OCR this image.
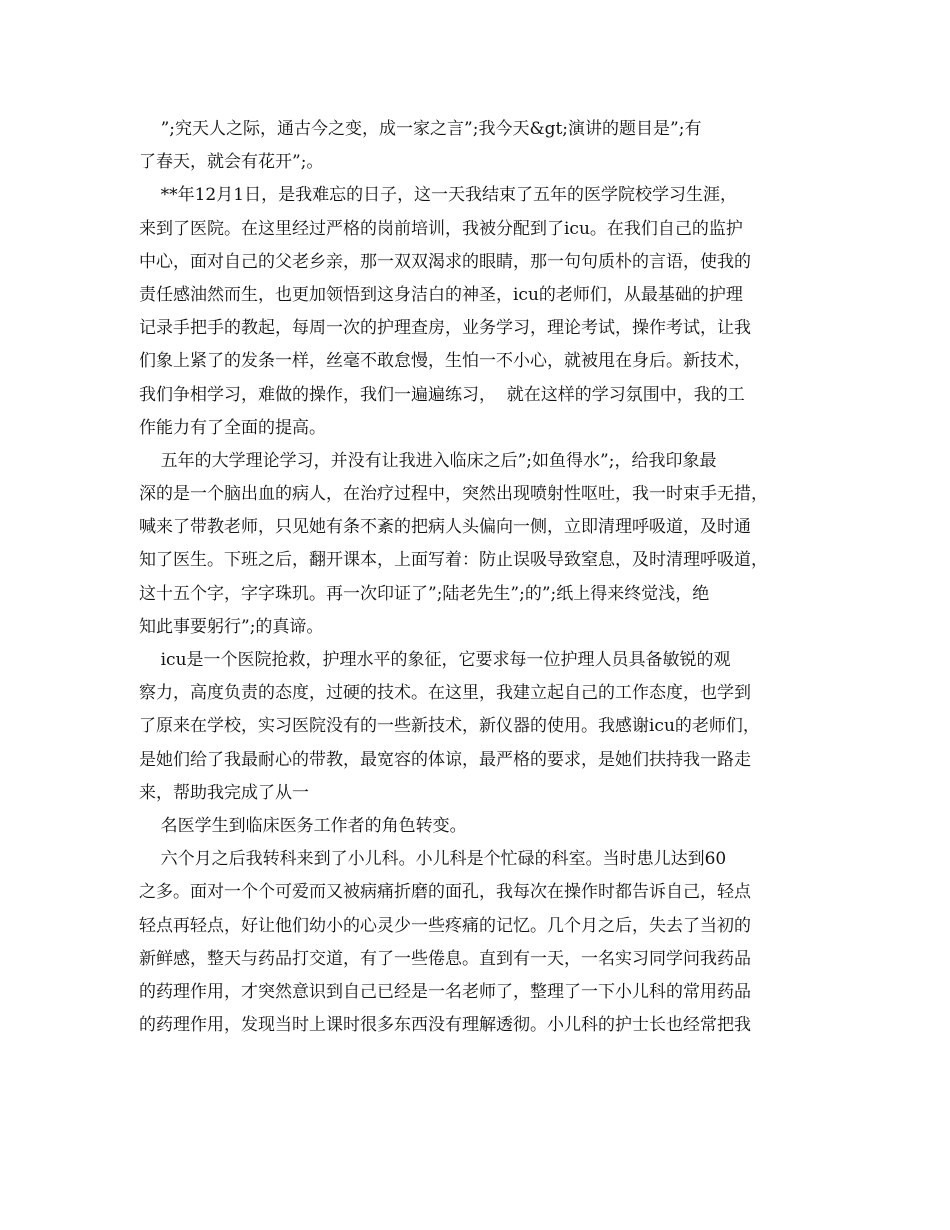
”;究天人之际，通古今之变，成一家之言”;我今天&gt;演讲的题目是”;有
了春天，就会有花开”;。
**年12月1日，是我难忘的日子，这一天我结束了五年的医学院校学习生涯，
来到了医院。在这里经过严格的岗前培训，我被分配到了icu。在我们自己的监护
中心，面对自己的父老乡亲，那一双双渴求的眼睛，那一句句质朴的言语，使我的
责任感油然而生，也更加领悟到这身洁白的神圣，icu的老师们，从最基础的护理
记录手把手的教起，每周一次的护理查房，业务学习，理论考试，操作考试，让我
们象上紧了的发条一样，丝毫不敢怠慢，生怕一不小心，就被甩在身后。新技术，
我们争相学习，难做的操作，我们一遍遍练习，  就在这样的学习氛围中，我的工
作能力有了全面的提高。
五年的大学理论学习，并没有让我进入临床之后”;如鱼得水”;，给我印象最
深的是一个脑出血的病人，在治疗过程中，突然出现喷射性呕吐，我一时束手无措，
喊来了带教老师，只见她有条不紊的把病人头偏向一侧，立即清理呼吸道，及时通
知了医生。下班之后，翻开课本，上面写着：防止误吸导致窒息，及时清理呼吸道，
这十五个字，字字珠玑。再一次印证了”;陆老先生”;的”;纸上得来终觉浅，绝
知此事要躬行”;的真谛。
icu是一个医院抢救，护理水平的象征，它要求每一位护理人员具备敏锐的观
察力，高度负责的态度，过硬的技术。在这里，我建立起自己的工作态度，也学到
了原来在学校，实习医院没有的一些新技术，新仪器的使用。我感谢icu的老师们，
是她们给了我最耐心的带教，最宽容的体谅，最严格的要求，是她们扶持我一路走
来，帮助我完成了从一
名医学生到临床医务工作者的角色转变。
六个月之后我转科来到了小儿科。小儿科是个忙碌的科室。当时患儿达到60
之多。面对一个个可爱而又被病痛折磨的面孔，我每次在操作时都告诉自己，轻点
轻点再轻点，好让他们幼小的心灵少一些疼痛的记忆。几个月之后，失去了当初的
新鲜感，整天与药品打交道，有了一些倦息。直到有一天，一名实习同学问我药品
的药理作用，才突然意识到自己已经是一名老师了，整理了一下小儿科的常用药品
的药理作用，发现当时上课时很多东西没有理解透彻。小儿科的护士长也经常把我
